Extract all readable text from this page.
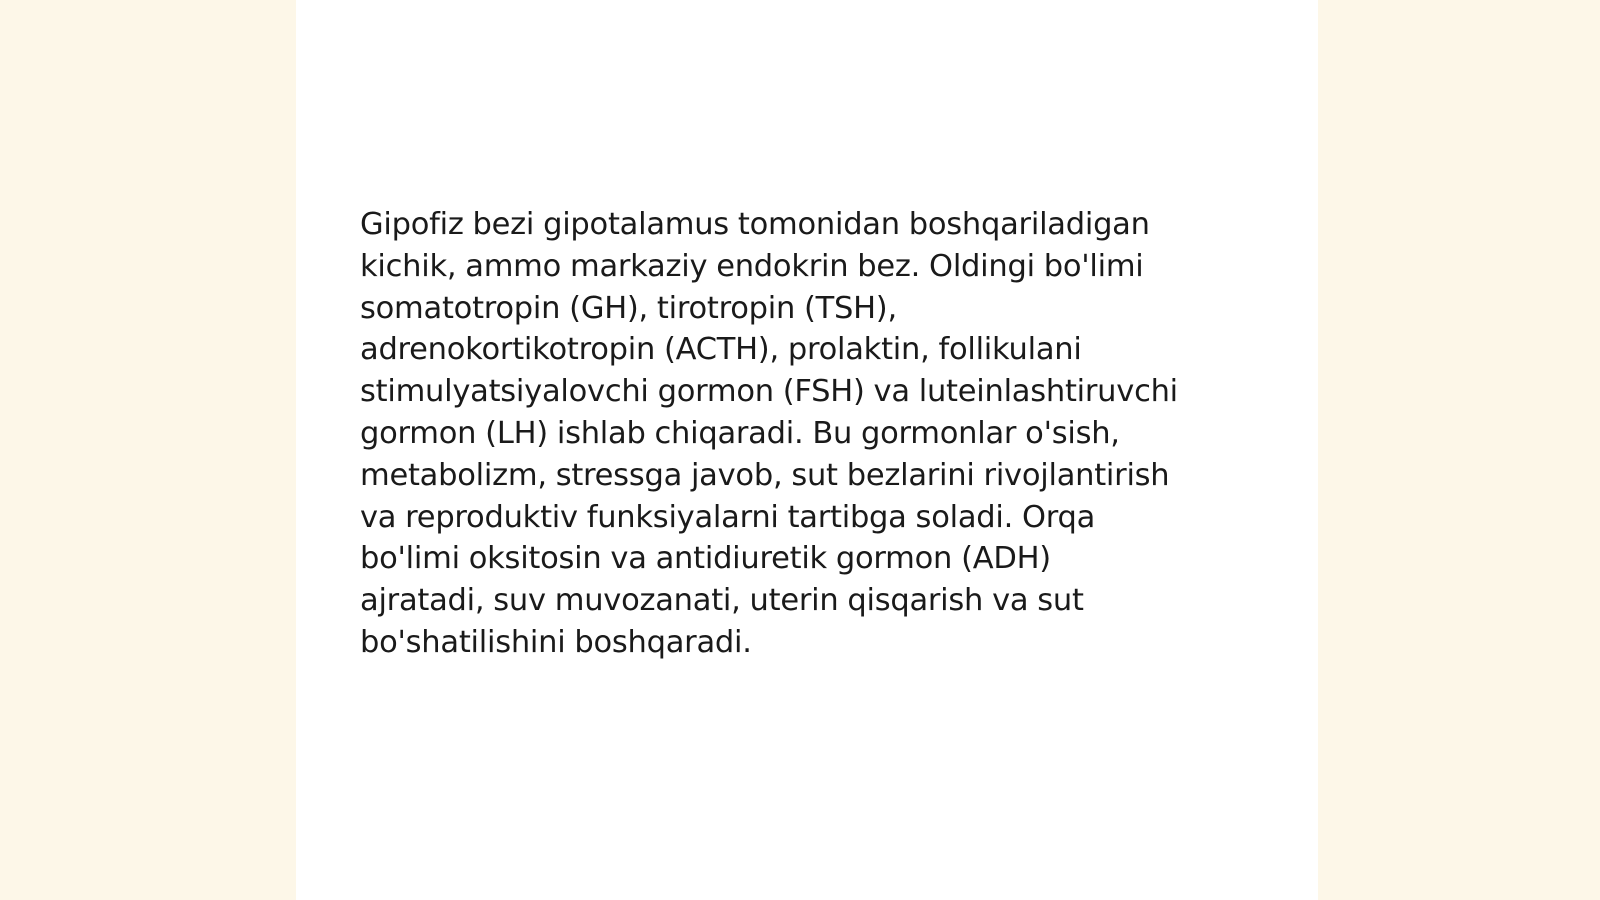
Gipofiz bezi gipotalamus tomonidan boshqariladigan
kichik, ammo markaziy endokrin bez. Oldingi bo'limi
somatotropin (GH), tirotropin (TSH),
adrenokortikotropin (ACTH), prolaktin, follikulani
stimulyatsiyalovchi gormon (FSH) va luteinlashtiruvchi
gormon (LH) ishlab chiqaradi. Bu gormonlar o'sish,
metabolizm, stressga javob, sut bezlarini rivojlantirish
va reproduktiv funksiyalarni tartibga soladi. Orqa
bo'limi oksitosin va antidiuretik gormon (ADH)
ajratadi, suv muvozanati, uterin qisqarish va sut
bo'shatilishini boshqaradi.
